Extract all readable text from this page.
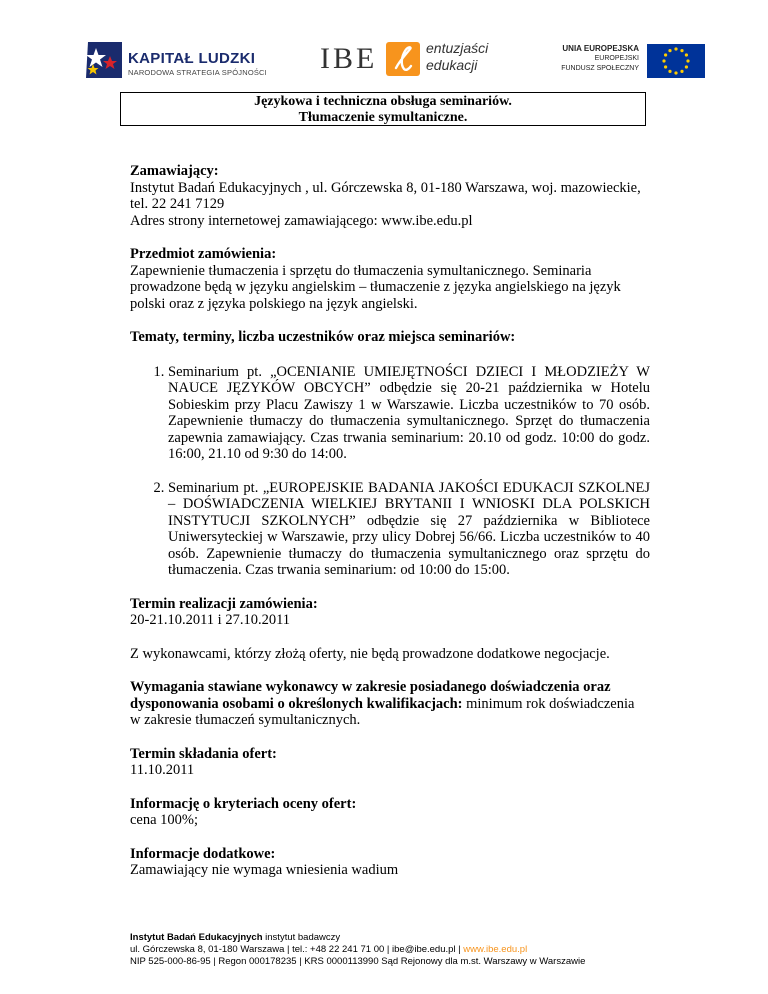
KAPITAŁ LUDZKI
NARODOWA STRATEGIA SPÓJNOŚCI IBE	entuzjaści
edukacji
UNIA EUROPEJSKA
EUROPEJSKI
FUNDUSZ SPOŁECZNY
Językowa i techniczna obsługa seminariów.
Tłumaczenie symultaniczne.

Zamawiający:

Instytut Badań Edukacyjnych , ul. Górczewska 8, 01-180 Warszawa, woj. mazowieckie, tel. 22 241 7129

Adres strony internetowej zamawiającego: www.ibe.edu.pl

Przedmiot zamówienia:

Zapewnienie tłumaczenia i sprzętu do tłumaczenia symultanicznego. Seminaria prowadzone będą w języku angielskim – tłumaczenie z języka angielskiego na język polski oraz z języka polskiego na język angielski.

Tematy, terminy, liczba uczestników oraz miejsca seminariów:

1. Seminarium pt. „OCENIANIE UMIEJĘTNOŚCI DZIECI I MŁODZIEŻY W NAUCE JĘZYKÓW OBCYCH” odbędzie się 20-21 października w Hotelu Sobieskim przy Placu Zawiszy 1 w Warszawie. Liczba uczestników to 70 osób. Zapewnienie tłumaczy do tłumaczenia symultanicznego. Sprzęt do tłumaczenia zapewnia zamawiający. Czas trwania seminarium: 20.10 od godz. 10:00 do godz. 16:00, 21.10 od 9:30 do 14:00.
2. Seminarium pt. „EUROPEJSKIE BADANIA JAKOŚCI EDUKACJI SZKOLNEJ – DOŚWIADCZENIA WIELKIEJ BRYTANII I WNIOSKI DLA POLSKICH INSTYTUCJI SZKOLNYCH” odbędzie się 27 października w Bibliotece Uniwersyteckiej w Warszawie, przy ulicy Dobrej 56/66. Liczba uczestników to 40 osób. Zapewnienie tłumaczy do tłumaczenia symultanicznego oraz sprzętu do tłumaczenia. Czas trwania seminarium: od 10:00 do 15:00.

Termin realizacji zamówienia:

20-21.10.2011 i 27.10.2011

Z wykonawcami, którzy złożą oferty, nie będą prowadzone dodatkowe negocjacje.

Wymagania stawiane wykonawcy w zakresie posiadanego doświadczenia oraz
dysponowania osobami o określonych kwalifikacjach: minimum rok doświadczenia
w zakresie tłumaczeń symultanicznych.

Termin składania ofert:

11.10.2011

Informację o kryteriach oceny ofert:

cena 100%;

Informacje dodatkowe:

Zamawiający nie wymaga wniesienia wadium

Instytut Badań Edukacyjnych instytut badawczy
ul. Górczewska 8, 01-180 Warszawa | tel.: +48 22 241 71 00 | ibe@ibe.edu.pl | www.ibe.edu.pl
NIP 525-000-86-95 | Regon 000178235 | KRS 0000113990 Sąd Rejonowy dla m.st. Warszawy w Warszawie
